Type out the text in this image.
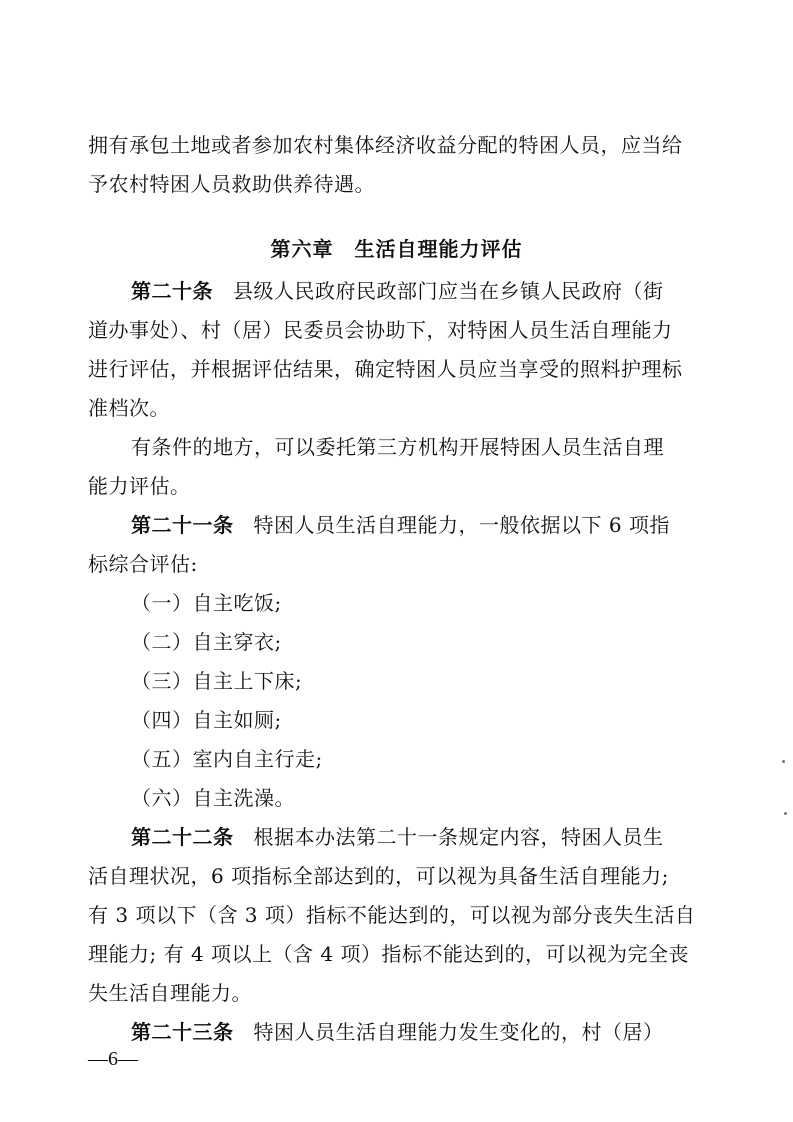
拥有承包土地或者参加农村集体经济收益分配的特困人员，应当给
予农村特困人员救助供养待遇。
第六章　生活自理能力评估
第二十条 县级人民政府民政部门应当在乡镇人民政府（街
道办事处）、村（居）民委员会协助下，对特困人员生活自理能力
进行评估，并根据评估结果，确定特困人员应当享受的照料护理标
准档次。
有条件的地方，可以委托第三方机构开展特困人员生活自理
能力评估。
第二十一条 特困人员生活自理能力，一般依据以下 6 项指
标综合评估:
（一）自主吃饭;
（二）自主穿衣;
（三）自主上下床;
（四）自主如厕;
（五）室内自主行走;
（六）自主洗澡。
第二十二条 根据本办法第二十一条规定内容，特困人员生
活自理状况，6 项指标全部达到的，可以视为具备生活自理能力;
有 3 项以下（含 3 项）指标不能达到的，可以视为部分丧失生活自
理能力; 有 4 项以上（含 4 项）指标不能达到的，可以视为完全丧
失生活自理能力。
第二十三条 特困人员生活自理能力发生变化的，村（居）
—6—
